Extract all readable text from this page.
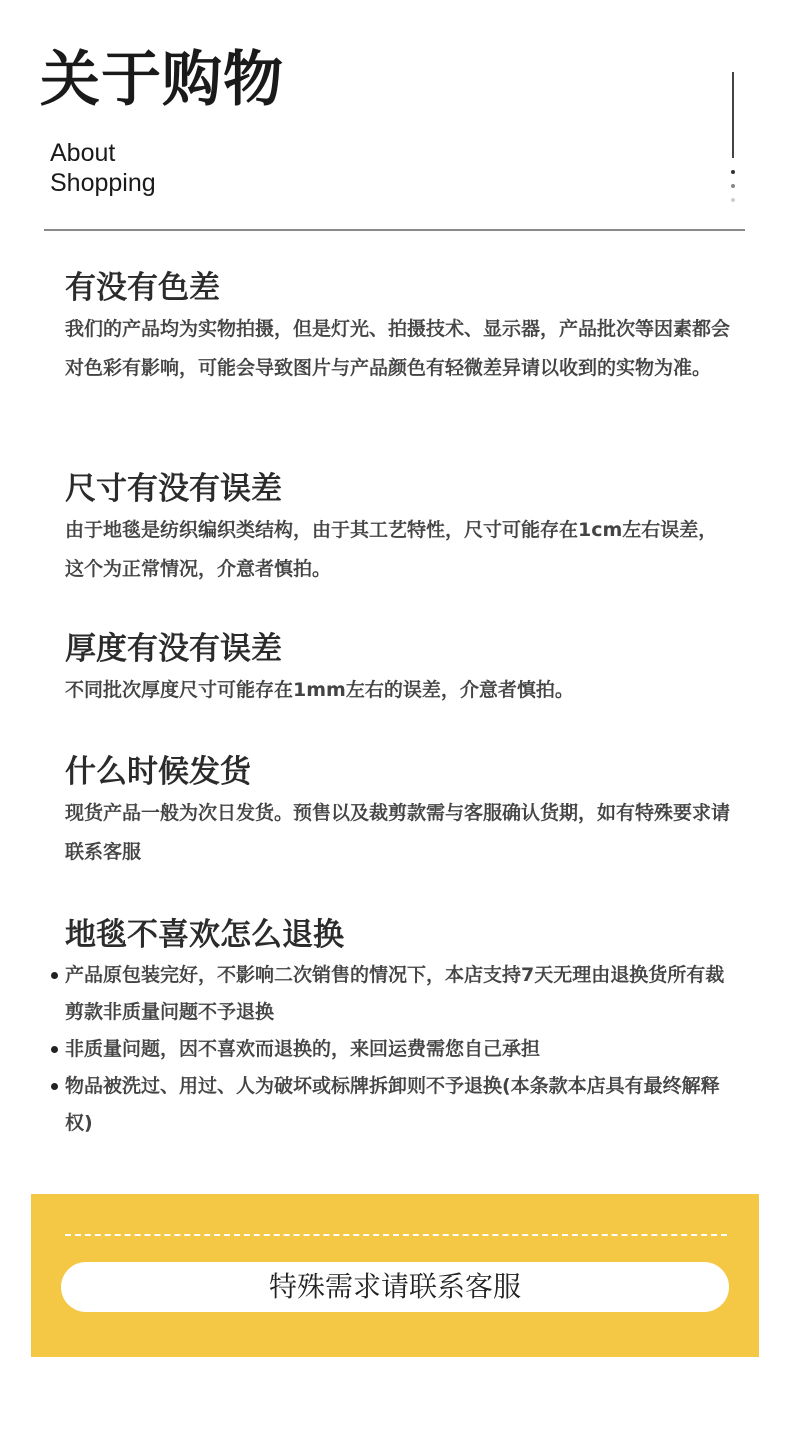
关于购物
About
Shopping
有没有色差

我们的产品均为实物拍摄，但是灯光、拍摄技术、显示器，产品批次等因素都会对色彩有影响，可能会导致图片与产品颜色有轻微差异请以收到的实物为准。

尺寸有没有误差

由于地毯是纺织编织类结构，由于其工艺特性，尺寸可能存在1cm左右误差，这个为正常情况，介意者慎拍。

厚度有没有误差

不同批次厚度尺寸可能存在1mm左右的误差，介意者慎拍。

什么时候发货

现货产品一般为次日发货。预售以及裁剪款需与客服确认货期，如有特殊要求请联系客服

地毯不喜欢怎么退换
产品原包装完好，不影响二次销售的情况下，本店支持7天无理由退换货所有裁剪款非质量问题不予退换
非质量问题，因不喜欢而退换的，来回运费需您自己承担
物品被洗过、用过、人为破坏或标牌拆卸则不予退换(本条款本店具有最终解释权)
特殊需求请联系客服
